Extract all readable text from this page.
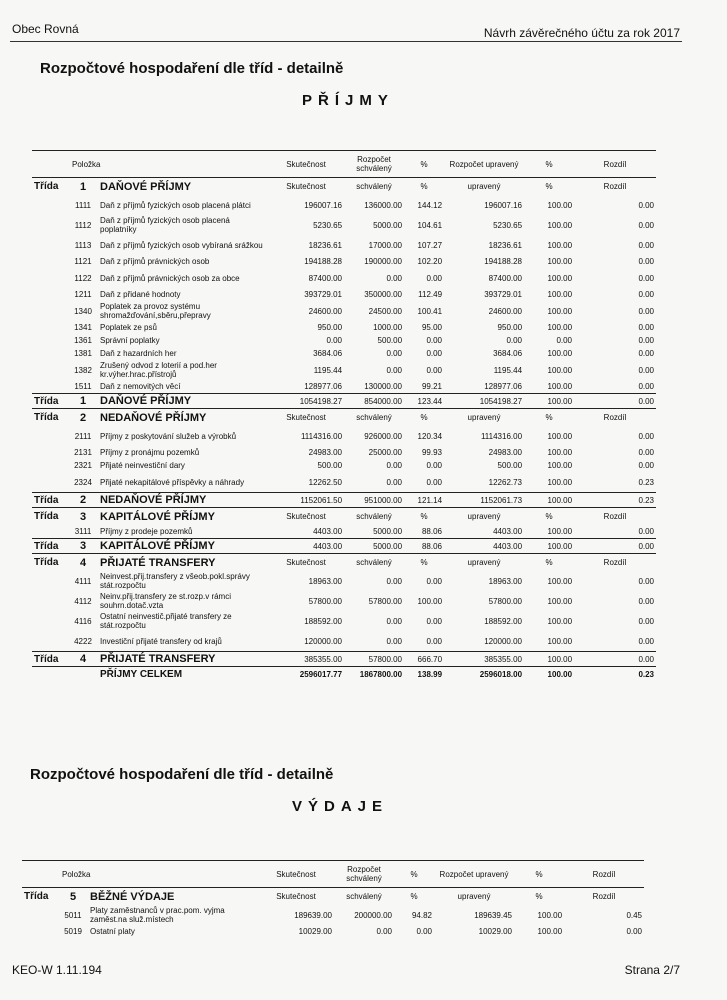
Obec Rovná	Návrh závěrečného účtu za rok 2017
Rozpočtové hospodaření dle tříd - detailně
PŘÍJMY
Položka			Skutečnost	Rozpočet schválený	%	Rozpočet upravený	%	Rozdíl
Třída	1	DAŇOVÉ PŘÍJMY	Skutečnost	schválený	%	upravený	%	Rozdíl
	1111	Daň z příjmů fyzických osob placená plátci	196007.16	136000.00	144.12	196007.16	100.00	0.00
	1112	Daň z příjmů fyzických osob placená poplatníky	5230.65	5000.00	104.61	5230.65	100.00	0.00
	1113	Daň z příjmů fyzických osob vybíraná srážkou	18236.61	17000.00	107.27	18236.61	100.00	0.00
	1121	Daň z příjmů právnických osob	194188.28	190000.00	102.20	194188.28	100.00	0.00
	1122	Daň z příjmů právnických osob za obce	87400.00	0.00	0.00	87400.00	100.00	0.00
	1211	Daň z přidané hodnoty	393729.01	350000.00	112.49	393729.01	100.00	0.00
	1340	Poplatek za provoz systému shromažďování,sběru,přepravy	24600.00	24500.00	100.41	24600.00	100.00	0.00
	1341	Poplatek ze psů	950.00	1000.00	95.00	950.00	100.00	0.00
	1361	Správní poplatky	0.00	500.00	0.00	0.00	0.00	0.00
	1381	Daň z hazardních her	3684.06	0.00	0.00	3684.06	100.00	0.00
	1382	Zrušený odvod z loterií a pod.her kr.výher.hrac.přístrojů	1195.44	0.00	0.00	1195.44	100.00	0.00
	1511	Daň z nemovitých věcí	128977.06	130000.00	99.21	128977.06	100.00	0.00
Třída	1	DAŇOVÉ PŘÍJMY	1054198.27	854000.00	123.44	1054198.27	100.00	0.00
Třída	2	NEDAŇOVÉ PŘÍJMY	Skutečnost	schválený	%	upravený	%	Rozdíl
	2111	Příjmy z poskytování služeb a výrobků	1114316.00	926000.00	120.34	1114316.00	100.00	0.00
	2131	Příjmy z pronájmu pozemků	24983.00	25000.00	99.93	24983.00	100.00	0.00
	2321	Přijaté neinvestiční dary	500.00	0.00	0.00	500.00	100.00	0.00
	2324	Přijaté nekapitálové příspěvky a náhrady	12262.50	0.00	0.00	12262.73	100.00	0.23
Třída	2	NEDAŇOVÉ PŘÍJMY	1152061.50	951000.00	121.14	1152061.73	100.00	0.23
Třída	3	KAPITÁLOVÉ PŘÍJMY	Skutečnost	schválený	%	upravený	%	Rozdíl
	3111	Příjmy z prodeje pozemků	4403.00	5000.00	88.06	4403.00	100.00	0.00
Třída	3	KAPITÁLOVÉ PŘÍJMY	4403.00	5000.00	88.06	4403.00	100.00	0.00
Třída	4	PŘIJATÉ TRANSFERY	Skutečnost	schválený	%	upravený	%	Rozdíl
	4111	Neinvest.přij.transfery z všeob.pokl.správy stát.rozpočtu	18963.00	0.00	0.00	18963.00	100.00	0.00
	4112	Neinv.přij.transfery ze st.rozp.v rámci souhrn.dotač.vzta	57800.00	57800.00	100.00	57800.00	100.00	0.00
	4116	Ostatní neinvestič.přijaté transfery ze stát.rozpočtu	188592.00	0.00	0.00	188592.00	100.00	0.00
	4222	Investiční přijaté transfery od krajů	120000.00	0.00	0.00	120000.00	100.00	0.00
Třída	4	PŘIJATÉ TRANSFERY	385355.00	57800.00	666.70	385355.00	100.00	0.00
		PŘÍJMY CELKEM	2596017.77	1867800.00	138.99	2596018.00	100.00	0.23
Rozpočtové hospodaření dle tříd - detailně
VÝDAJE
Položka			Skutečnost	Rozpočet schválený	%	Rozpočet upravený	%	Rozdíl
Třída	5	BĚŽNÉ VÝDAJE	Skutečnost	schválený	%	upravený	%	Rozdíl
	5011	Platy zaměstnanců v prac.pom. vyjma zaměst.na služ.místech	189639.00	200000.00	94.82	189639.45	100.00	0.45
	5019	Ostatní platy	10029.00	0.00	0.00	10029.00	100.00	0.00
KEO-W 1.11.194	Strana 2/7
